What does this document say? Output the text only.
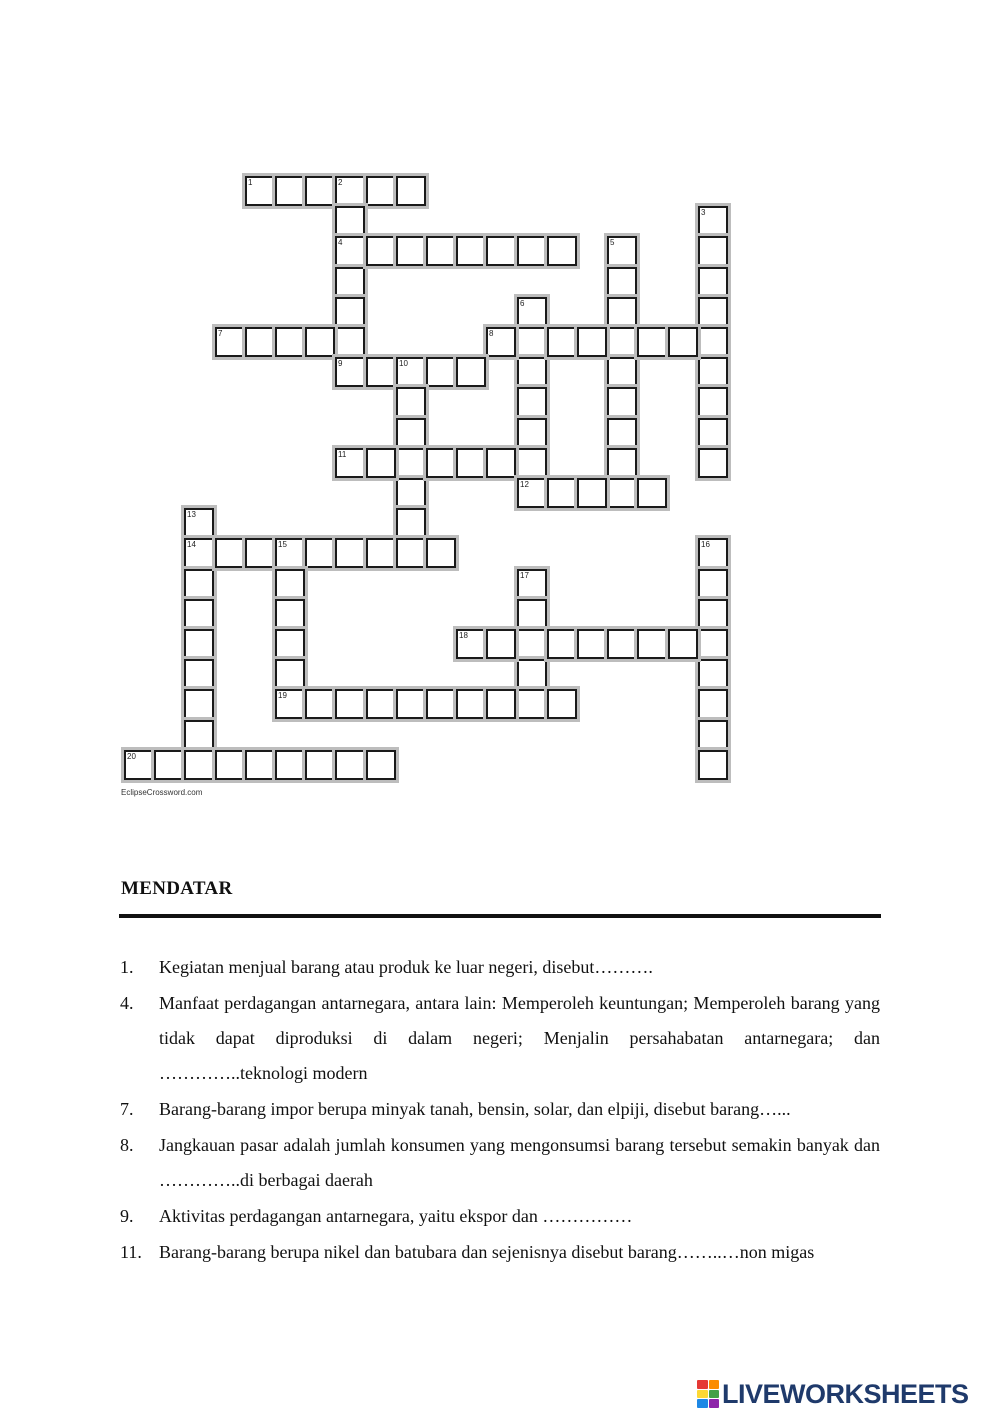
1	2
4
3
5
6
7	8
9	10
11
12
13
14	15
19
16
17
18
20
EclipseCrossword.com
MENDATAR
1.	Kegiatan menjual barang atau produk ke luar negeri, disebut……….
4.	Manfaat perdagangan antarnegara, antara lain: Memperoleh keuntungan; Memperoleh barang yang tidak dapat diproduksi di dalam negeri; Menjalin persahabatan antarnegara; dan …………..teknologi modern
7.	Barang-barang impor berupa minyak tanah, bensin, solar, dan elpiji, disebut barang…...
8.	Jangkauan pasar adalah jumlah konsumen yang mengonsumsi barang tersebut semakin banyak dan …………..di berbagai daerah
9.	Aktivitas perdagangan antarnegara, yaitu ekspor dan ……………
11. Barang-barang berupa nikel dan batubara dan sejenisnya disebut barang……..…non migas
LIVEWORKSHEETS
